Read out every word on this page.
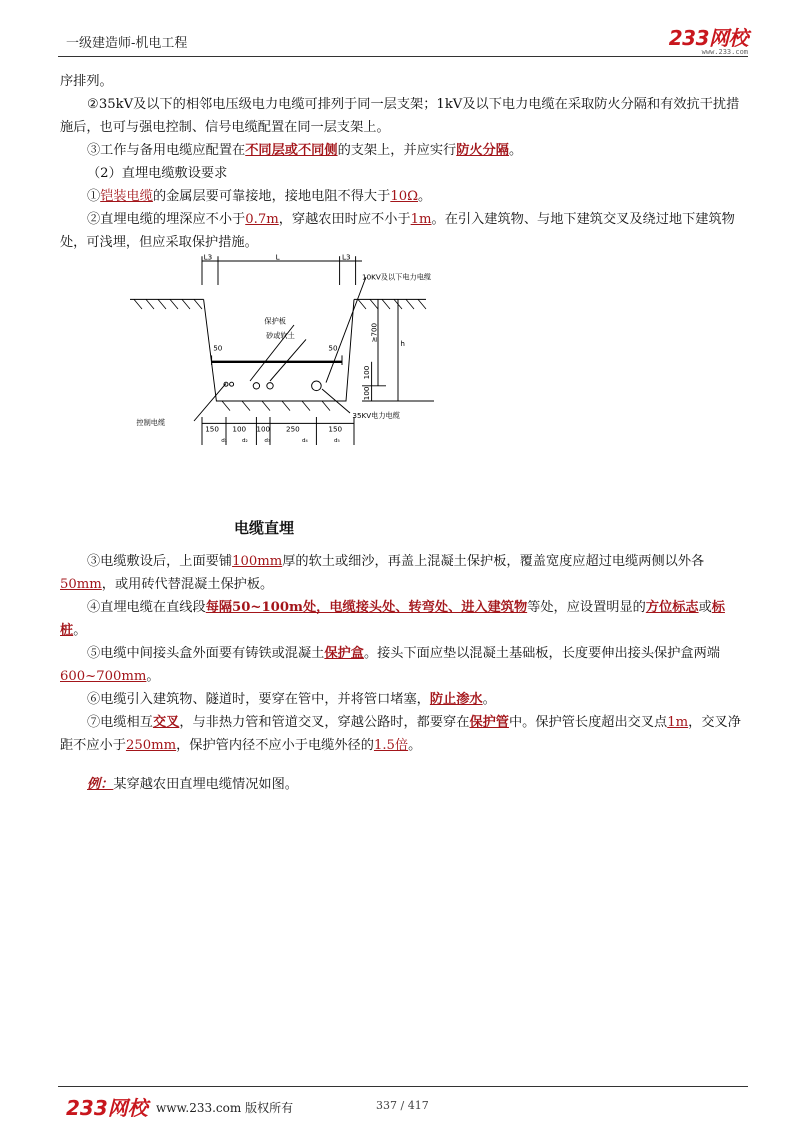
一级建造师-机电工程	233网校
www.233.com

序排列。

②35kV及以下的相邻电压级电力电缆可排列于同一层支架；1kV及以下电力电缆在采取防火分隔和有效抗干扰措施后，也可与强电控制、信号电缆配置在同一层支架上。

③工作与备用电缆应配置在不同层或不同侧的支架上，并应实行防火分隔。

（2）直埋电缆敷设要求

①铠装电缆的金属层要可靠接地，接地电阻不得大于10Ω。

②直埋电缆的埋深应不小于0.7m，穿越农田时应不小于1m。在引入建筑物、与地下建筑交叉及绕过地下建筑物处，可浅埋，但应采取保护措施。

L3	L	L3
10KV及以下电力电缆
保护板
砂或软土
50	50
≥700
h
100
100
控制电缆
35KV电力电缆
150 100 100 250	150
d₁ d₂ d₃	d₄	d₅
电缆直埋

③电缆敷设后，上面要铺100mm厚的软土或细沙，再盖上混凝土保护板，覆盖宽度应超过电缆两侧以外各50mm，或用砖代替混凝土保护板。

④直埋电缆在直线段每隔50~100m处，电缆接头处、转弯处、进入建筑物等处，应设置明显的方位标志或标桩。

⑤电缆中间接头盒外面要有铸铁或混凝土保护盒。接头下面应垫以混凝土基础板，长度要伸出接头保护盒两端600~700mm。

⑥电缆引入建筑物、隧道时，要穿在管中，并将管口堵塞，防止渗水。

⑦电缆相互交叉，与非热力管和管道交叉，穿越公路时，都要穿在保护管中。保护管长度超出交叉点1m，交叉净距不应小于250mm，保护管内径不应小于电缆外径的1.5倍。

例：某穿越农田直埋电缆情况如图。

233网校 www.233.com 版权所有	337 / 417
